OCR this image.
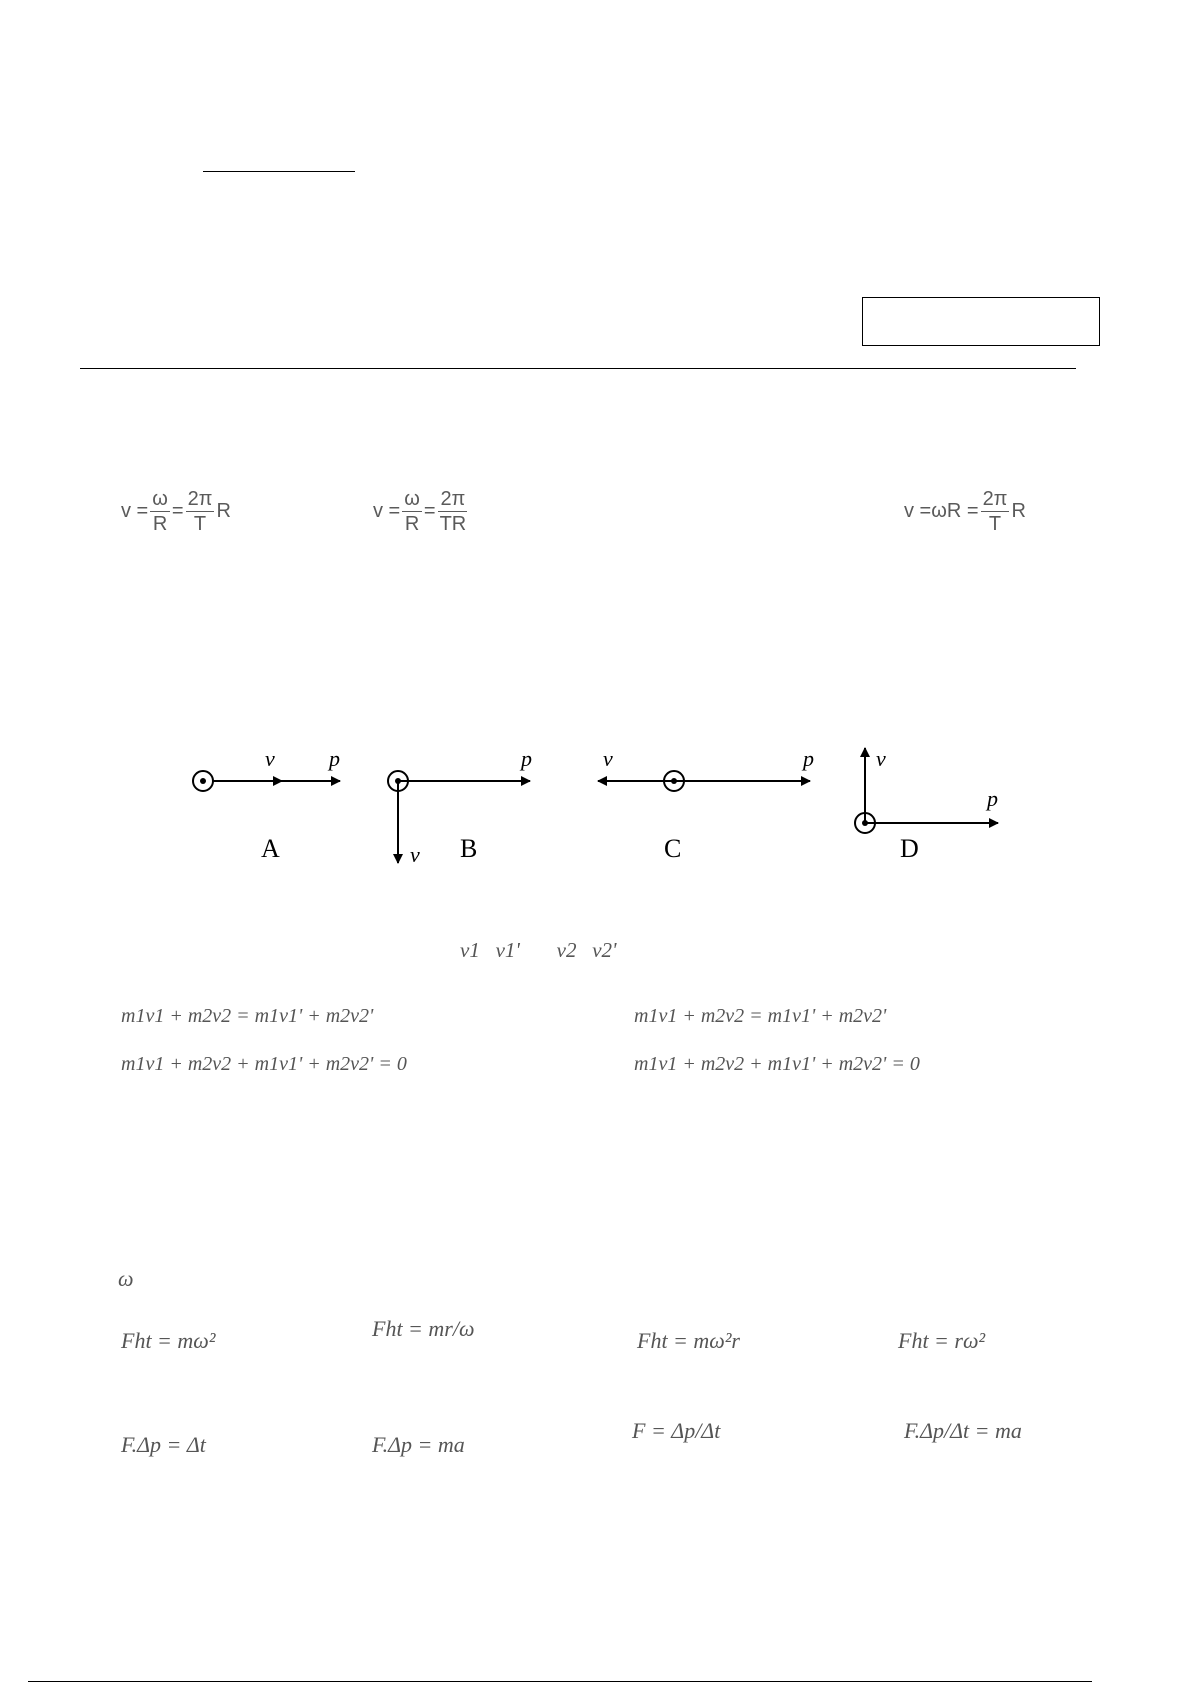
$v = \frac{\omega}{R} = \frac{2\pi}{T}$ R	$v = \frac{\omega}{R} = \frac{2\pi}{TR}$	$v =\omega R = \frac{2\pi}{T}$ R
v⃗ p⃗	p⃗
v⃗
v⃗	p⃗ v⃗
p⃗
A	B	C	D
v1 v1' v2 v2'
m1v1 + m2v2 = m1v1' + m2v2'
m1v1 + m2v2 + m1v1' + m2v2' = 0
m1v1 + m2v2 = m1v1' + m2v2'
m1v1 + m2v2 + m1v1' + m2v2' = 0
ω
Fht = mω²	Fht = mr/ω	Fht = mω²r	Fht = rω²
F.Δp = Δt	F.Δp = ma
F = Δp/Δt	F.Δp/Δt = ma
